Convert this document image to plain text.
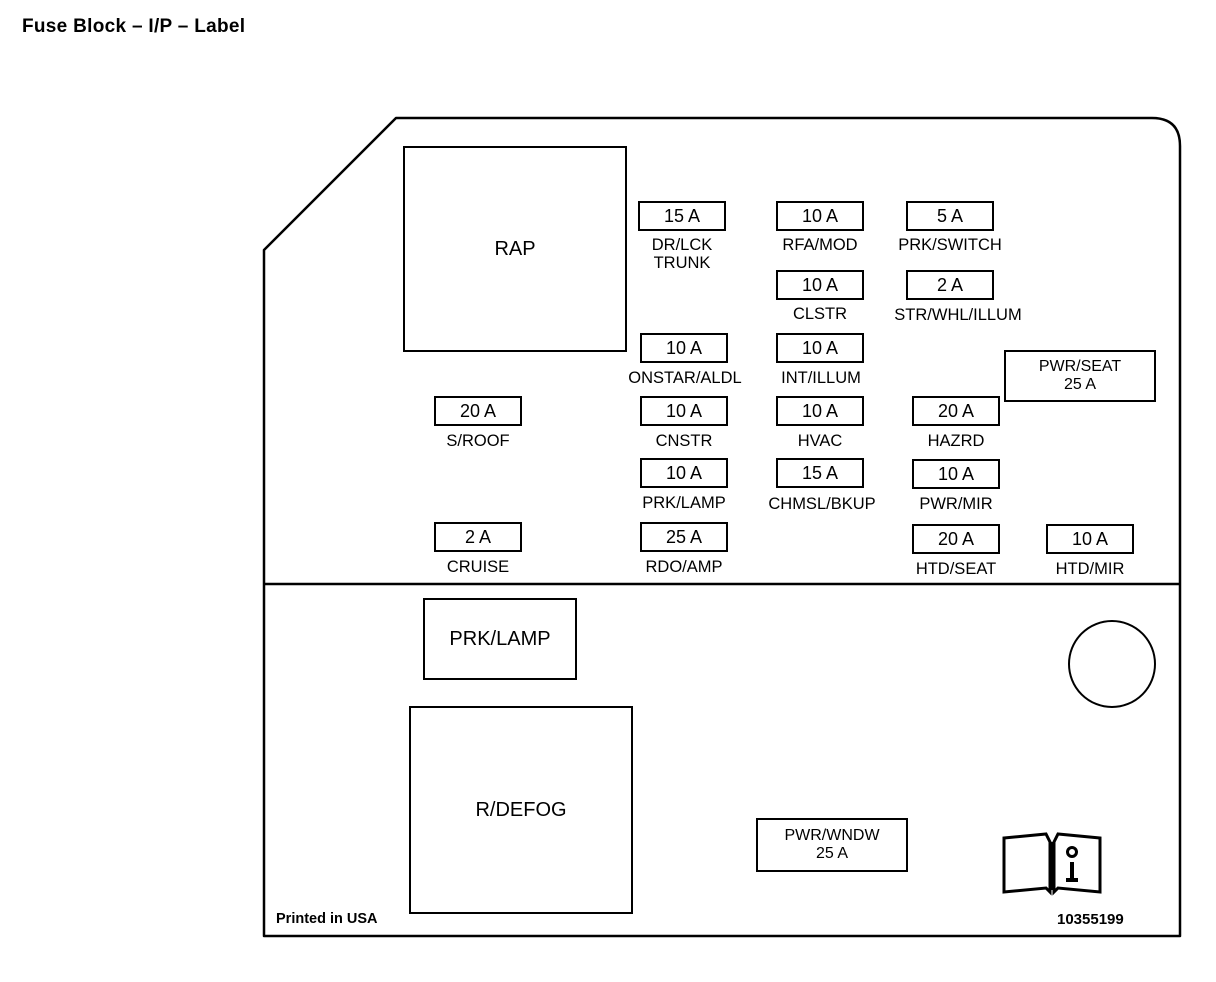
Fuse Block – I/P – Label
RAP
PRK/LAMP
R/DEFOG
PWR/SEAT
25 A
PWR/WNDW
25 A
15 A
DR/LCK
TRUNK
10 A
RFA/MOD
5 A
PRK/SWITCH
10 A
CLSTR
2 A
STR/WHL/ILLUM
10 A
ONSTAR/ALDL
10 A
INT/ILLUM
20 A
S/ROOF
10 A
CNSTR
10 A
HVAC
20 A
HAZRD
10 A
PRK/LAMP
15 A
CHMSL/BKUP
10 A
PWR/MIR
2 A
CRUISE
25 A
RDO/AMP
20 A
HTD/SEAT
10 A
HTD/MIR
Printed in USA	10355199
